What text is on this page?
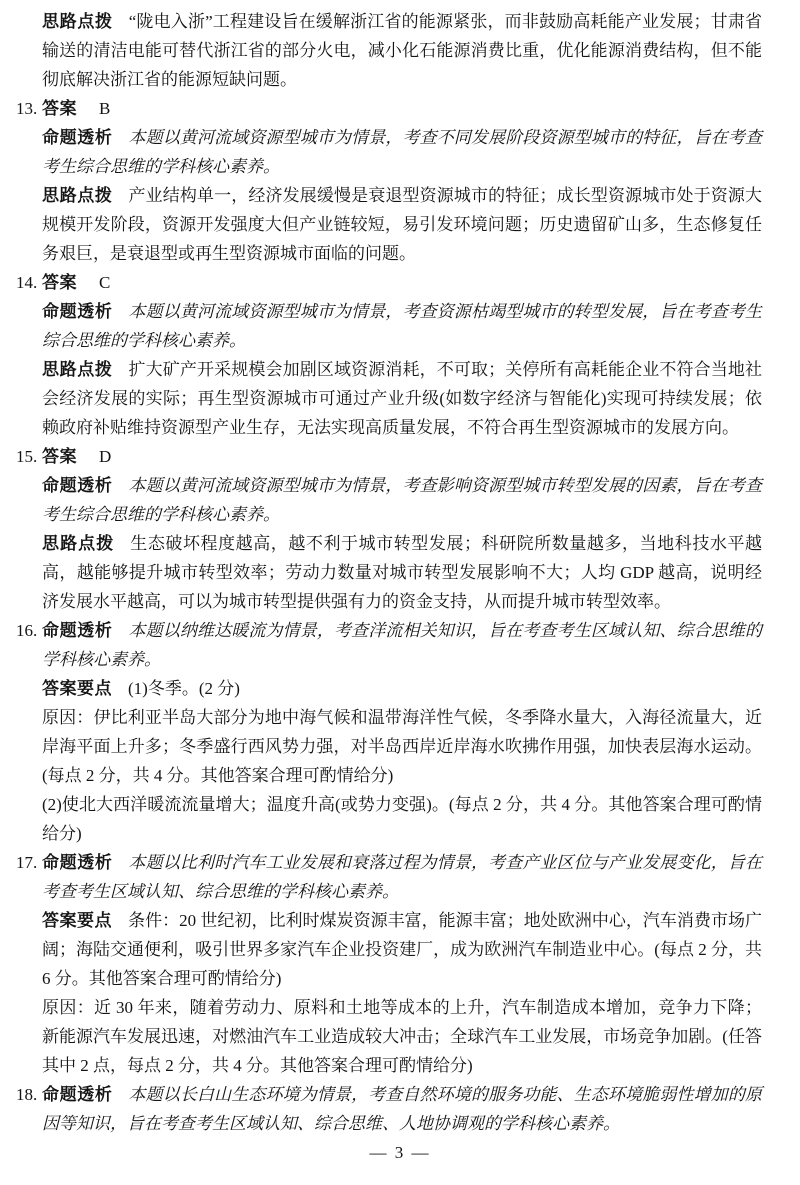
思路点拨 “陇电入浙”工程建设旨在缓解浙江省的能源紧张，而非鼓励高耗能产业发展；甘肃省输送的清洁电能可替代浙江省的部分火电，减小化石能源消费比重，优化能源消费结构，但不能彻底解决浙江省的能源短缺问题。

13. 答案 B

命题透析 本题以黄河流域资源型城市为情景，考查不同发展阶段资源型城市的特征，旨在考查考生综合思维的学科核心素养。

思路点拨 产业结构单一，经济发展缓慢是衰退型资源城市的特征；成长型资源城市处于资源大规模开发阶段，资源开发强度大但产业链较短，易引发环境问题；历史遗留矿山多，生态修复任务艰巨，是衰退型或再生型资源城市面临的问题。

14. 答案 C

命题透析 本题以黄河流域资源型城市为情景，考查资源枯竭型城市的转型发展，旨在考查考生综合思维的学科核心素养。

思路点拨 扩大矿产开采规模会加剧区域资源消耗，不可取；关停所有高耗能企业不符合当地社会经济发展的实际；再生型资源城市可通过产业升级(如数字经济与智能化)实现可持续发展；依赖政府补贴维持资源型产业生存，无法实现高质量发展，不符合再生型资源城市的发展方向。

15. 答案 D

命题透析 本题以黄河流域资源型城市为情景，考查影响资源型城市转型发展的因素，旨在考查考生综合思维的学科核心素养。

思路点拨 生态破坏程度越高，越不利于城市转型发展；科研院所数量越多，当地科技水平越高，越能够提升城市转型效率；劳动力数量对城市转型发展影响不大；人均 GDP 越高，说明经济发展水平越高，可以为城市转型提供强有力的资金支持，从而提升城市转型效率。

16. 命题透析 本题以纳维达暖流为情景，考查洋流相关知识，旨在考查考生区域认知、综合思维的学科核心素养。

答案要点 (1)冬季。(2 分)

原因：伊比利亚半岛大部分为地中海气候和温带海洋性气候，冬季降水量大，入海径流量大，近岸海平面上升多；冬季盛行西风势力强，对半岛西岸近岸海水吹拂作用强，加快表层海水运动。(每点 2 分，共 4 分。其他答案合理可酌情给分)

(2)使北大西洋暖流流量增大；温度升高(或势力变强)。(每点 2 分，共 4 分。其他答案合理可酌情给分)

17. 命题透析 本题以比利时汽车工业发展和衰落过程为情景，考查产业区位与产业发展变化，旨在考查考生区域认知、综合思维的学科核心素养。

答案要点 条件：20 世纪初，比利时煤炭资源丰富，能源丰富；地处欧洲中心，汽车消费市场广阔；海陆交通便利，吸引世界多家汽车企业投资建厂，成为欧洲汽车制造业中心。(每点 2 分，共 6 分。其他答案合理可酌情给分)

原因：近 30 年来，随着劳动力、原料和土地等成本的上升，汽车制造成本增加，竞争力下降；新能源汽车发展迅速，对燃油汽车工业造成较大冲击；全球汽车工业发展，市场竞争加剧。(任答其中 2 点，每点 2 分，共 4 分。其他答案合理可酌情给分)

18. 命题透析 本题以长白山生态环境为情景，考查自然环境的服务功能、生态环境脆弱性增加的原因等知识，旨在考查考生区域认知、综合思维、人地协调观的学科核心素养。

— 3 —
